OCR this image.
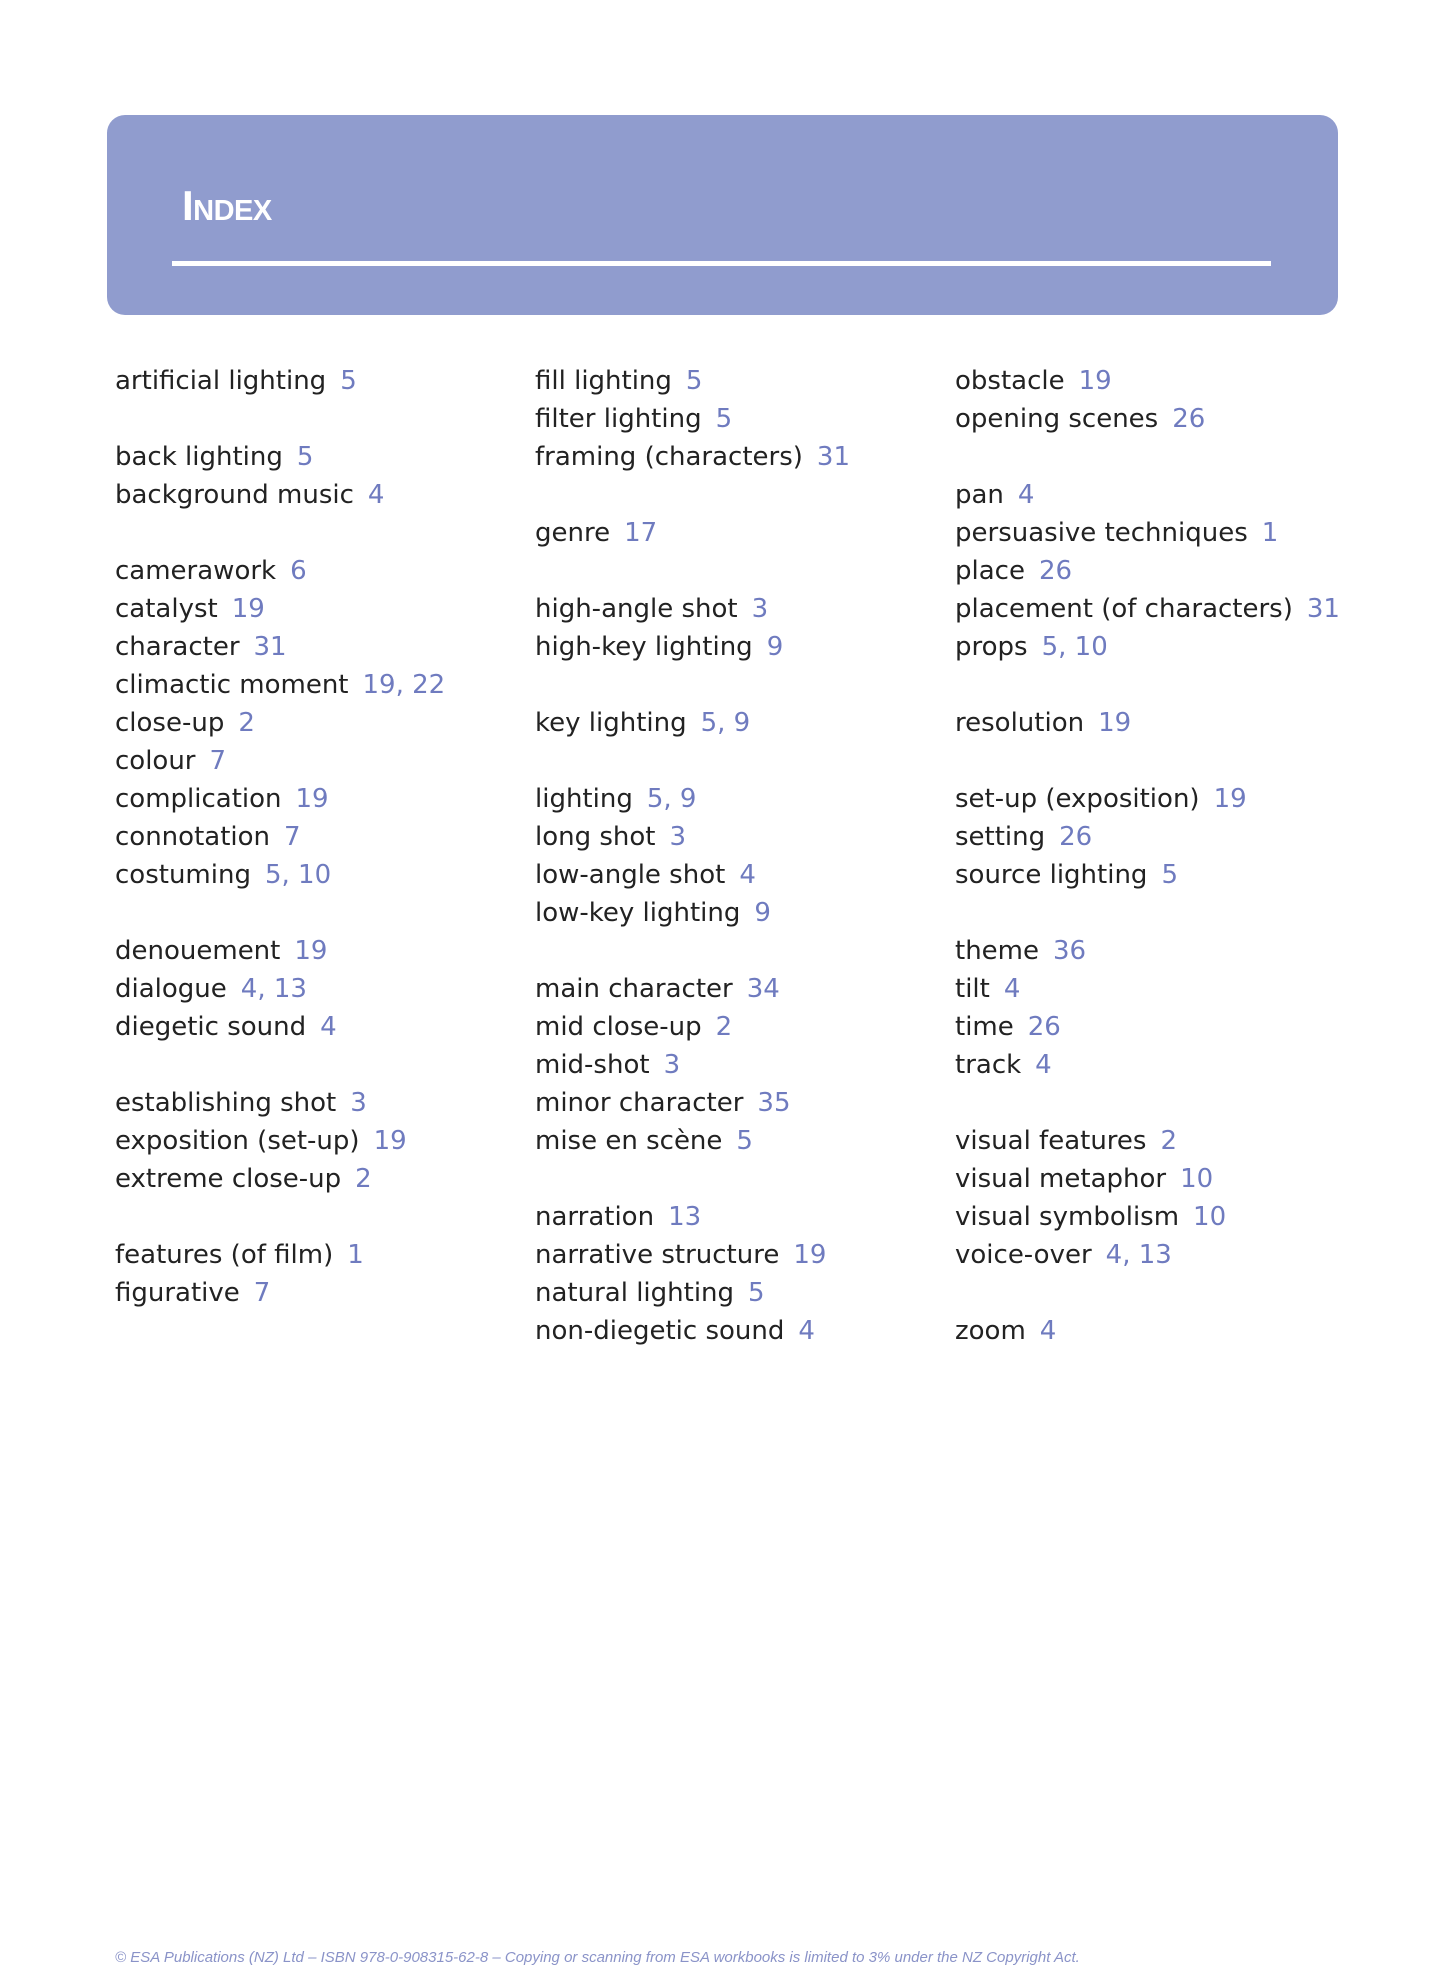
Index
artificial lighting 5
back lighting 5
background music 4
camerawork 6
catalyst 19
character 31
climactic moment 19, 22
close-up 2
colour 7
complication 19
connotation 7
costuming 5, 10
denouement 19
dialogue 4, 13
diegetic sound 4
establishing shot 3
exposition (set-up) 19
extreme close-up 2
features (of film) 1
figurative 7
fill lighting 5
filter lighting 5
framing (characters) 31
genre 17
high-angle shot 3
high-key lighting 9
key lighting 5, 9
lighting 5, 9
long shot 3
low-angle shot 4
low-key lighting 9
main character 34
mid close-up 2
mid-shot 3
minor character 35
mise en scène 5
narration 13
narrative structure 19
natural lighting 5
non-diegetic sound 4
obstacle 19
opening scenes 26
pan 4
persuasive techniques 1
place 26
placement (of characters) 31
props 5, 10
resolution 19
set-up (exposition) 19
setting 26
source lighting 5
theme 36
tilt 4
time 26
track 4
visual features 2
visual metaphor 10
visual symbolism 10
voice-over 4, 13
zoom 4
© ESA Publications (NZ) Ltd – ISBN 978-0-908315-62-8 – Copying or scanning from ESA workbooks is limited to 3% under the NZ Copyright Act.
